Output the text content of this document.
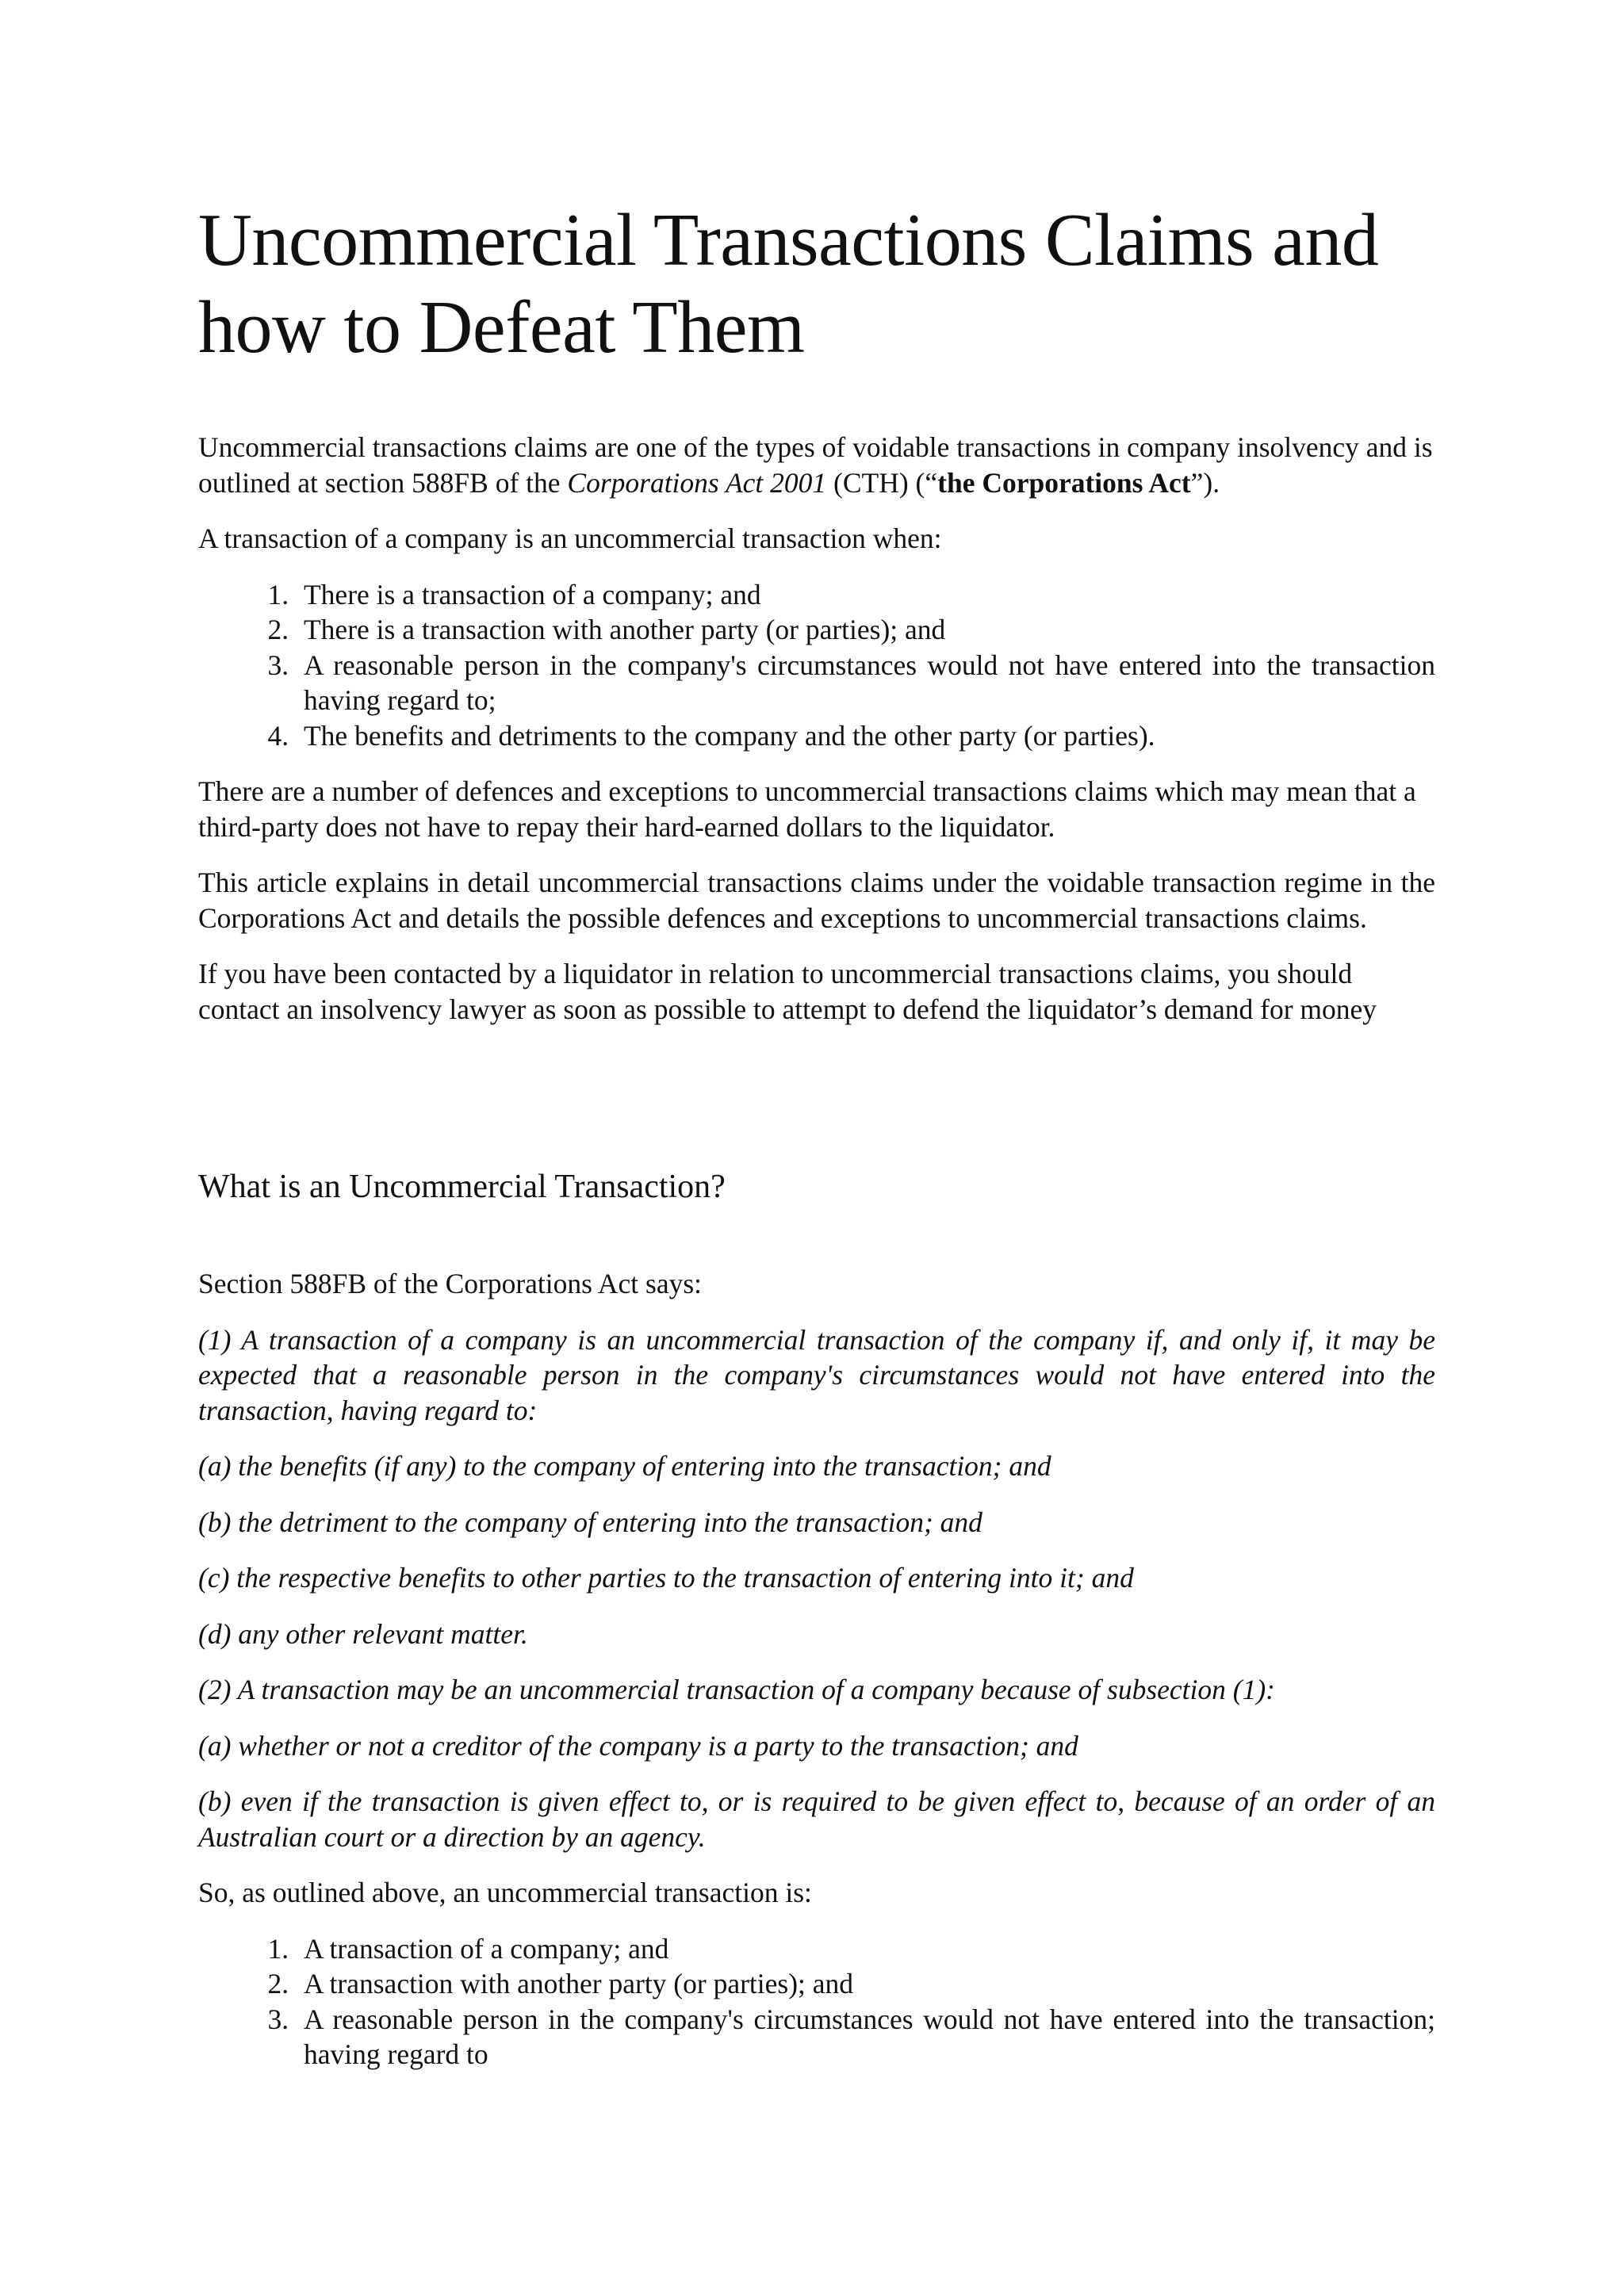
Uncommercial Transactions Claims and how to Defeat Them

Uncommercial transactions claims are one of the types of voidable transactions in company insolvency and is outlined at section 588FB of the Corporations Act 2001 (CTH) (“the Corporations Act”).

A transaction of a company is an uncommercial transaction when:

1. There is a transaction of a company; and
2. There is a transaction with another party (or parties); and
3. A reasonable person in the company's circumstances would not have entered into the transaction having regard to;
4. The benefits and detriments to the company and the other party (or parties).

There are a number of defences and exceptions to uncommercial transactions claims which may mean that a third-party does not have to repay their hard-earned dollars to the liquidator.

This article explains in detail uncommercial transactions claims under the voidable transaction regime in the Corporations Act and details the possible defences and exceptions to uncommercial transactions claims.

If you have been contacted by a liquidator in relation to uncommercial transactions claims, you should contact an insolvency lawyer as soon as possible to attempt to defend the liquidator’s demand for money

What is an Uncommercial Transaction?

Section 588FB of the Corporations Act says:

(1) A transaction of a company is an uncommercial transaction of the company if, and only if, it may be expected that a reasonable person in the company's circumstances would not have entered into the transaction, having regard to:

(a) the benefits (if any) to the company of entering into the transaction; and

(b) the detriment to the company of entering into the transaction; and

(c) the respective benefits to other parties to the transaction of entering into it; and

(d) any other relevant matter.

(2) A transaction may be an uncommercial transaction of a company because of subsection (1):

(a) whether or not a creditor of the company is a party to the transaction; and

(b) even if the transaction is given effect to, or is required to be given effect to, because of an order of an Australian court or a direction by an agency.

So, as outlined above, an uncommercial transaction is:

1. A transaction of a company; and
2. A transaction with another party (or parties); and
3. A reasonable person in the company's circumstances would not have entered into the transaction; having regard to
